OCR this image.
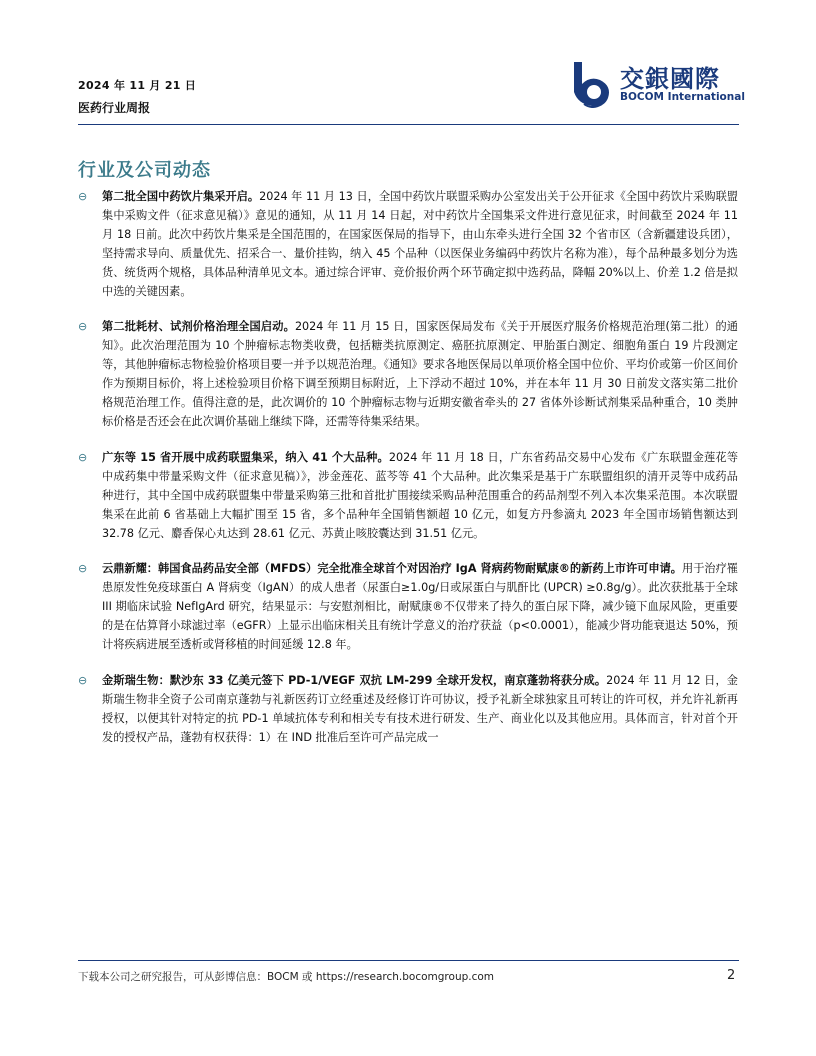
2024 年 11 月 21 日
医药行业周报
交銀國際
BOCOM International
行业及公司动态
⊖ 第二批全国中药饮片集采开启。2024 年 11 月 13 日，全国中药饮片联盟采购办公室发出关于公开征求《全国中药饮片采购联盟集中采购文件（征求意见稿）》意见的通知，从 11 月 14 日起，对中药饮片全国集采文件进行意见征求，时间截至 2024 年 11 月 18 日前。此次中药饮片集采是全国范围的，在国家医保局的指导下，由山东牵头进行全国 32 个省市区（含新疆建设兵团），坚持需求导向、质量优先、招采合一、量价挂钩，纳入 45 个品种（以医保业务编码中药饮片名称为准），每个品种最多划分为选货、统货两个规格，具体品种清单见文本。通过综合评审、竞价报价两个环节确定拟中选药品，降幅 20%以上、价差 1.2 倍是拟中选的关键因素。

⊖ 第二批耗材、试剂价格治理全国启动。2024 年 11 月 15 日，国家医保局发布《关于开展医疗服务价格规范治理(第二批）的通知》。此次治理范围为 10 个肿瘤标志物类收费，包括糖类抗原测定、癌胚抗原测定、甲胎蛋白测定、细胞角蛋白 19 片段测定等，其他肿瘤标志物检验价格项目要一并予以规范治理。《通知》要求各地医保局以单项价格全国中位价、平均价或第一价区间价作为预期目标价，将上述检验项目价格下调至预期目标附近，上下浮动不超过 10%，并在本年 11 月 30 日前发文落实第二批价格规范治理工作。值得注意的是，此次调价的 10 个肿瘤标志物与近期安徽省牵头的 27 省体外诊断试剂集采品种重合，10 类肿标价格是否还会在此次调价基础上继续下降，还需等待集采结果。

⊖ 广东等 15 省开展中成药联盟集采，纳入 41 个大品种。2024 年 11 月 18 日，广东省药品交易中心发布《广东联盟金莲花等中成药集中带量采购文件（征求意见稿）》，涉金莲花、蓝芩等 41 个大品种。此次集采是基于广东联盟组织的清开灵等中成药品种进行，其中全国中成药联盟集中带量采购第三批和首批扩围接续采购品种范围重合的药品剂型不列入本次集采范围。本次联盟集采在此前 6 省基础上大幅扩围至 15 省，多个品种年全国销售额超 10 亿元，如复方丹参滴丸 2023 年全国市场销售额达到 32.78 亿元、麝香保心丸达到 28.61 亿元、苏黄止咳胶囊达到 31.51 亿元。

⊖ 云鼎新耀：韩国食品药品安全部（MFDS）完全批准全球首个对因治疗 IgA 肾病药物耐赋康®的新药上市许可申请。用于治疗罹患原发性免疫球蛋白 A 肾病变（IgAN）的成人患者（尿蛋白≥1.0g/日或尿蛋白与肌酐比 (UPCR) ≥0.8g/g）。此次获批基于全球 III 期临床试验 NefIgArd 研究，结果显示：与安慰剂相比，耐赋康®不仅带来了持久的蛋白尿下降，减少镜下血尿风险，更重要的是在估算肾小球滤过率（eGFR）上显示出临床相关且有统计学意义的治疗获益（p<0.0001），能减少肾功能衰退达 50%，预计将疾病进展至透析或肾移植的时间延缓 12.8 年。

⊖ 金斯瑞生物：默沙东 33 亿美元签下 PD-1/VEGF 双抗 LM-299 全球开发权，南京蓬勃将获分成。2024 年 11 月 12 日，金斯瑞生物非全资子公司南京蓬勃与礼新医药订立经重述及经修订许可协议，授予礼新全球独家且可转让的许可权，并允许礼新再授权，以便其针对特定的抗 PD-1 单域抗体专利和相关专有技术进行研发、生产、商业化以及其他应用。具体而言，针对首个开发的授权产品，蓬勃有权获得：1）在 IND 批准后至许可产品完成一

下载本公司之研究报告，可从彭博信息：BOCM 或 https://research.bocomgroup.com	2
